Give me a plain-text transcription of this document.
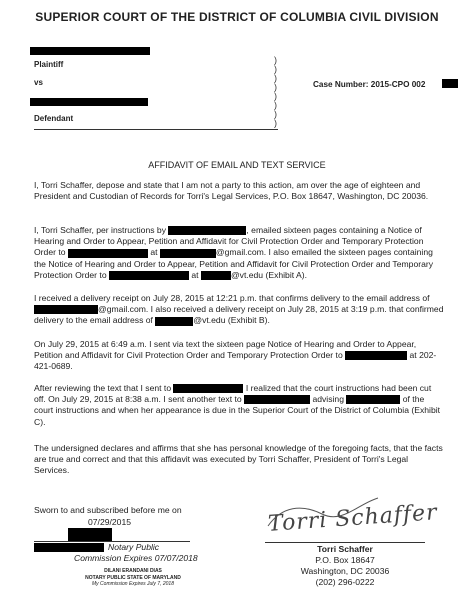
SUPERIOR COURT OF THE DISTRICT OF COLUMBIA CIVIL DIVISION
Plaintiff
vs
Defendant
)
)
)
)
)
)
)
)
Case Number: 2015-CPO 002
AFFIDAVIT OF EMAIL AND TEXT SERVICE
I, Torri Schaffer, depose and state that I am not a party to this action, am over the age of eighteen and President and Custodian of Records for Torri's Legal Services, P.O. Box 18647, Washington, DC 20036.
I, Torri Schaffer, per instructions by	, emailed sixteen pages containing a Notice of Hearing and Order to Appear, Petition and Affidavit for Civil Protection Order and Temporary Protection Order to	at	@gmail.com. I also emailed the sixteen pages containing the Notice of Hearing and Order to Appear, Petition and Affidavit for Civil Protection Order and Temporary Protection Order to	at	@vt.edu (Exhibit A).
I received a delivery receipt on July 28, 2015 at 12:21 p.m. that confirms delivery to the email address of @gmail.com. I also received a delivery receipt on July 28, 2015 at 3:19 p.m. that confirmed delivery to the email address of	@vt.edu (Exhibit B).
On July 29, 2015 at 6:49 a.m. I sent via text the sixteen page Notice of Hearing and Order to Appear, Petition and Affidavit for Civil Protection Order and Temporary Protection Order to	at 202-421-0689.
After reviewing the text that I sent to	I realized that the court instructions had been cut off. On July 29, 2015 at 8:38 a.m. I sent another text to	advising	of the court instructions and when her appearance is due in the Superior Court of the District of Columbia (Exhibit C).
The undersigned declares and affirms that she has personal knowledge of the foregoing facts, that the facts are true and correct and that this affidavit was executed by Torri Schaffer, President of Torri's Legal Services.
Sworn to and subscribed before me on
07/29/2015
Notary Public
Commission Expires 07/07/2018
DILANI ERANDANI DIAS
NOTARY PUBLIC STATE OF MARYLAND
My Commission Expires July 7, 2018
Torri Schaffer
Torri Schaffer
P.O. Box 18647
Washington, DC 20036
(202) 296-0222
